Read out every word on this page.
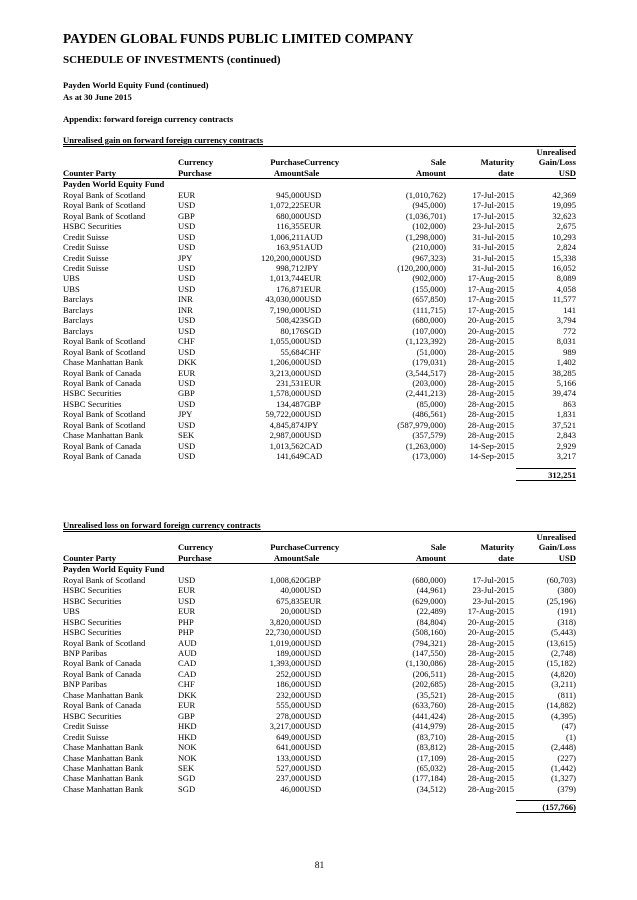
PAYDEN GLOBAL FUNDS PUBLIC LIMITED COMPANY
SCHEDULE OF INVESTMENTS (continued)
Payden World Equity Fund (continued)
As at 30 June 2015
Appendix: forward foreign currency contracts
Unrealised gain on forward foreign currency contracts
						Unrealised
	Currency	Purchase	Currency	Sale	Maturity	Gain/Loss
Counter Party	Purchase	Amount	Sale	Amount	date	USD
Payden World Equity Fund						
Royal Bank of Scotland	EUR	945,000	USD	(1,010,762)	17-Jul-2015	42,369
Royal Bank of Scotland	USD	1,072,225	EUR	(945,000)	17-Jul-2015	19,095
Royal Bank of Scotland	GBP	680,000	USD	(1,036,701)	17-Jul-2015	32,623
HSBC Securities	USD	116,355	EUR	(102,000)	23-Jul-2015	2,675
Credit Suisse	USD	1,006,211	AUD	(1,298,000)	31-Jul-2015	10,293
Credit Suisse	USD	163,951	AUD	(210,000)	31-Jul-2015	2,824
Credit Suisse	JPY	120,200,000	USD	(967,323)	31-Jul-2015	15,338
Credit Suisse	USD	998,712	JPY	(120,200,000)	31-Jul-2015	16,052
UBS	USD	1,013,744	EUR	(902,000)	17-Aug-2015	8,089
UBS	USD	176,871	EUR	(155,000)	17-Aug-2015	4,058
Barclays	INR	43,030,000	USD	(657,850)	17-Aug-2015	11,577
Barclays	INR	7,190,000	USD	(111,715)	17-Aug-2015	141
Barclays	USD	508,423	SGD	(680,000)	20-Aug-2015	3,794
Barclays	USD	80,176	SGD	(107,000)	20-Aug-2015	772
Royal Bank of Scotland	CHF	1,055,000	USD	(1,123,392)	28-Aug-2015	8,031
Royal Bank of Scotland	USD	55,684	CHF	(51,000)	28-Aug-2015	989
Chase Manhattan Bank	DKK	1,206,000	USD	(179,031)	28-Aug-2015	1,402
Royal Bank of Canada	EUR	3,213,000	USD	(3,544,517)	28-Aug-2015	38,285
Royal Bank of Canada	USD	231,531	EUR	(203,000)	28-Aug-2015	5,166
HSBC Securities	GBP	1,578,000	USD	(2,441,213)	28-Aug-2015	39,474
HSBC Securities	USD	134,487	GBP	(85,000)	28-Aug-2015	863
Royal Bank of Scotland	JPY	59,722,000	USD	(486,561)	28-Aug-2015	1,831
Royal Bank of Scotland	USD	4,845,874	JPY	(587,979,000)	28-Aug-2015	37,521
Chase Manhattan Bank	SEK	2,987,000	USD	(357,579)	28-Aug-2015	2,843
Royal Bank of Canada	USD	1,013,562	CAD	(1,263,000)	14-Sep-2015	2,929
Royal Bank of Canada	USD	141,649	CAD	(173,000)	14-Sep-2015	3,217
312,251
Unrealised loss on forward foreign currency contracts
						Unrealised
	Currency	Purchase	Currency	Sale	Maturity	Gain/Loss
Counter Party	Purchase	Amount	Sale	Amount	date	USD
Payden World Equity Fund						
Royal Bank of Scotland	USD	1,008,620	GBP	(680,000)	17-Jul-2015	(60,703)
HSBC Securities	EUR	40,000	USD	(44,961)	23-Jul-2015	(380)
HSBC Securities	USD	675,835	EUR	(629,000)	23-Jul-2015	(25,196)
UBS	EUR	20,000	USD	(22,489)	17-Aug-2015	(191)
HSBC Securities	PHP	3,820,000	USD	(84,804)	20-Aug-2015	(318)
HSBC Securities	PHP	22,730,000	USD	(508,160)	20-Aug-2015	(5,443)
Royal Bank of Scotland	AUD	1,019,000	USD	(794,321)	28-Aug-2015	(13,615)
BNP Paribas	AUD	189,000	USD	(147,550)	28-Aug-2015	(2,748)
Royal Bank of Canada	CAD	1,393,000	USD	(1,130,086)	28-Aug-2015	(15,182)
Royal Bank of Canada	CAD	252,000	USD	(206,511)	28-Aug-2015	(4,820)
BNP Paribas	CHF	186,000	USD	(202,685)	28-Aug-2015	(3,211)
Chase Manhattan Bank	DKK	232,000	USD	(35,521)	28-Aug-2015	(811)
Royal Bank of Canada	EUR	555,000	USD	(633,760)	28-Aug-2015	(14,882)
HSBC Securities	GBP	278,000	USD	(441,424)	28-Aug-2015	(4,395)
Credit Suisse	HKD	3,217,000	USD	(414,979)	28-Aug-2015	(47)
Credit Suisse	HKD	649,000	USD	(83,710)	28-Aug-2015	(1)
Chase Manhattan Bank	NOK	641,000	USD	(83,812)	28-Aug-2015	(2,448)
Chase Manhattan Bank	NOK	133,000	USD	(17,109)	28-Aug-2015	(227)
Chase Manhattan Bank	SEK	527,000	USD	(65,032)	28-Aug-2015	(1,442)
Chase Manhattan Bank	SGD	237,000	USD	(177,184)	28-Aug-2015	(1,327)
Chase Manhattan Bank	SGD	46,000	USD	(34,512)	28-Aug-2015	(379)
(157,766)
81
